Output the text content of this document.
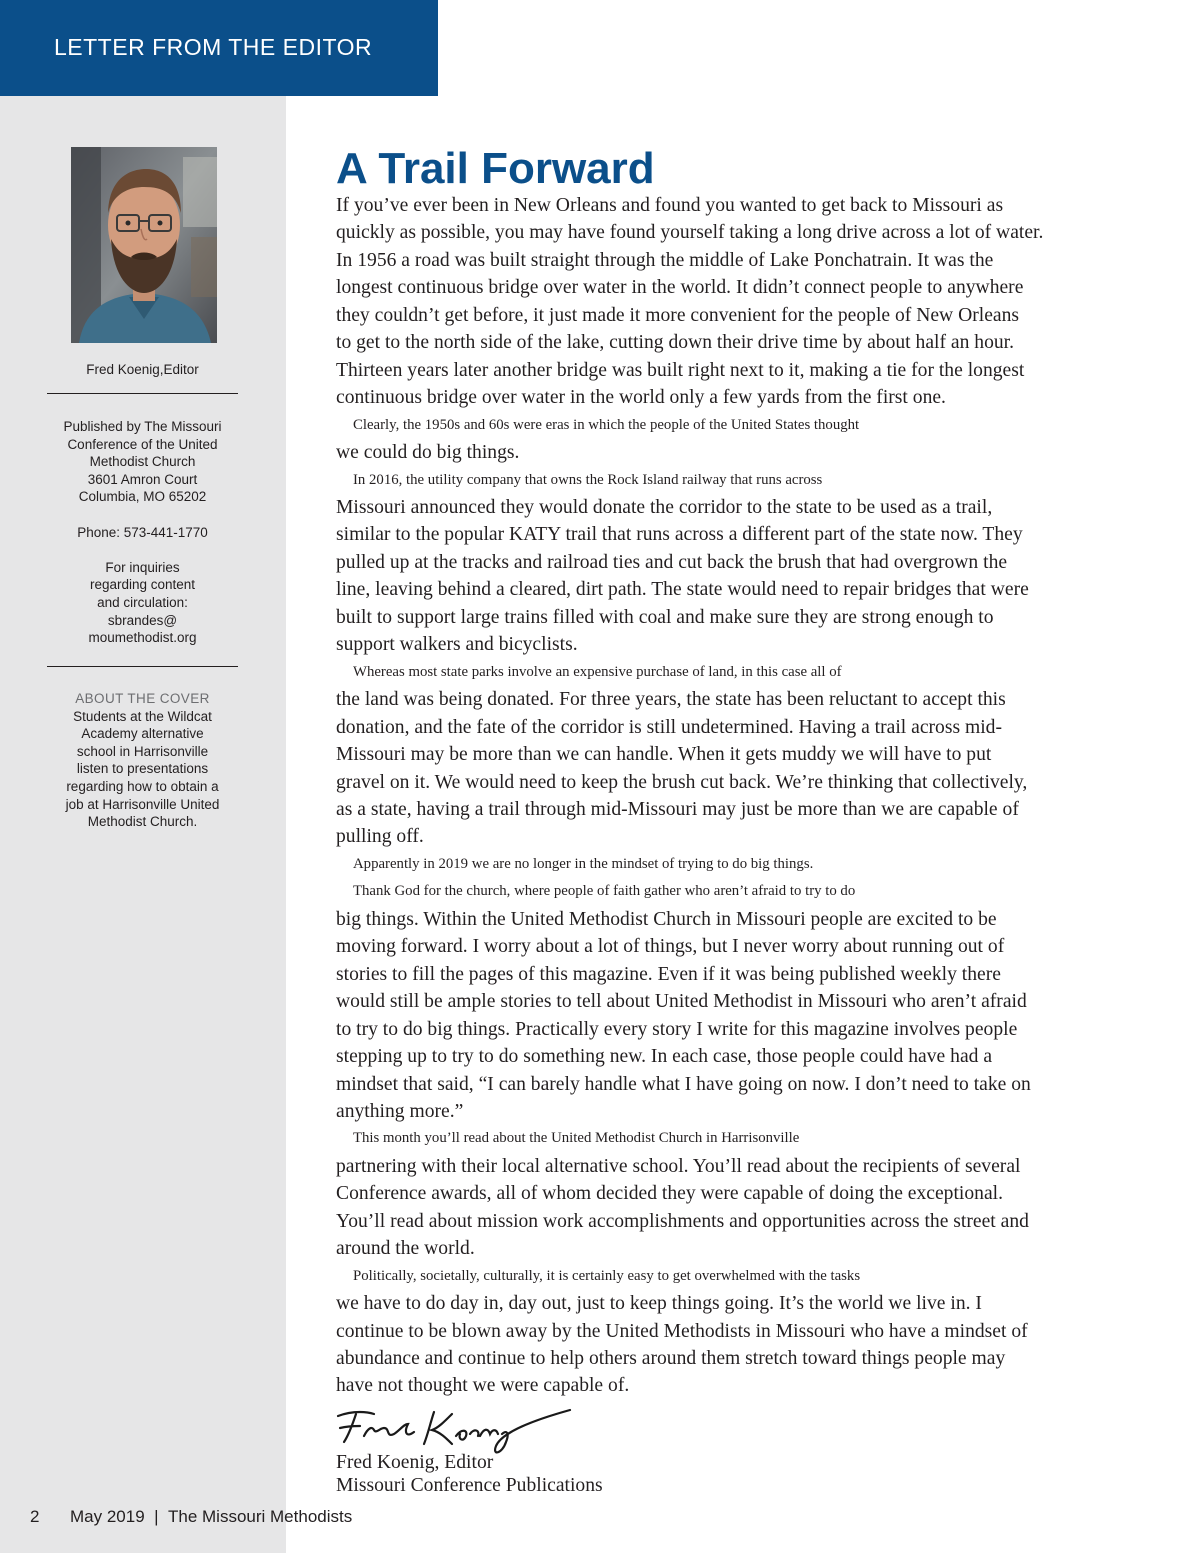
LETTER FROM THE EDITOR
Fred Koenig,Editor

Published by The Missouri

Conference of the United

Methodist Church

3601 Amron Court

Columbia, MO 65202

Phone: 573-441-1770

For inquiries

regarding content

and circulation:

sbrandes@

moumethodist.org

ABOUT THE COVER
Students at the Wildcat
Academy alternative
school in Harrisonville
listen to presentations
regarding how to obtain a
job at Harrisonville United
Methodist Church.
A Trail Forward

If you’ve ever been in New Orleans and found you wanted to get back to Missouri as
quickly as possible, you may have found yourself taking a long drive across a lot of water.
In 1956 a road was built straight through the middle of Lake Ponchatrain. It was the
longest continuous bridge over water in the world. It didn’t connect people to anywhere
they couldn’t get before, it just made it more convenient for the people of New Orleans
to get to the north side of the lake, cutting down their drive time by about half an hour.
Thirteen years later another bridge was built right next to it, making a tie for the longest
continuous bridge over water in the world only a few yards from the first one.

Clearly, the 1950s and 60s were eras in which the people of the United States thought
we could do big things.

In 2016, the utility company that owns the Rock Island railway that runs across
Missouri announced they would donate the corridor to the state to be used as a trail,
similar to the popular KATY trail that runs across a different part of the state now. They
pulled up at the tracks and railroad ties and cut back the brush that had overgrown the
line, leaving behind a cleared, dirt path. The state would need to repair bridges that were
built to support large trains filled with coal and make sure they are strong enough to
support walkers and bicyclists.

Whereas most state parks involve an expensive purchase of land, in this case all of
the land was being donated. For three years, the state has been reluctant to accept this
donation, and the fate of the corridor is still undetermined. Having a trail across mid-
Missouri may be more than we can handle. When it gets muddy we will have to put
gravel on it. We would need to keep the brush cut back. We’re thinking that collectively,
as a state, having a trail through mid-Missouri may just be more than we are capable of
pulling off.

Apparently in 2019 we are no longer in the mindset of trying to do big things.

Thank God for the church, where people of faith gather who aren’t afraid to try to do
big things. Within the United Methodist Church in Missouri people are excited to be
moving forward. I worry about a lot of things, but I never worry about running out of
stories to fill the pages of this magazine. Even if it was being published weekly there
would still be ample stories to tell about United Methodist in Missouri who aren’t afraid
to try to do big things. Practically every story I write for this magazine involves people
stepping up to try to do something new. In each case, those people could have had a
mindset that said, “I can barely handle what I have going on now. I don’t need to take on
anything more.”

This month you’ll read about the United Methodist Church in Harrisonville
partnering with their local alternative school. You’ll read about the recipients of several
Conference awards, all of whom decided they were capable of doing the exceptional.
You’ll read about mission work accomplishments and opportunities across the street and
around the world.

Politically, societally, culturally, it is certainly easy to get overwhelmed with the tasks
we have to do day in, day out, just to keep things going. It’s the world we live in. I
continue to be blown away by the United Methodists in Missouri who have a mindset of
abundance and continue to help others around them stretch toward things people may
have not thought we were capable of.

Fred Koenig, Editor
Missouri Conference Publications
2 May 2019 | The Missouri Methodists
